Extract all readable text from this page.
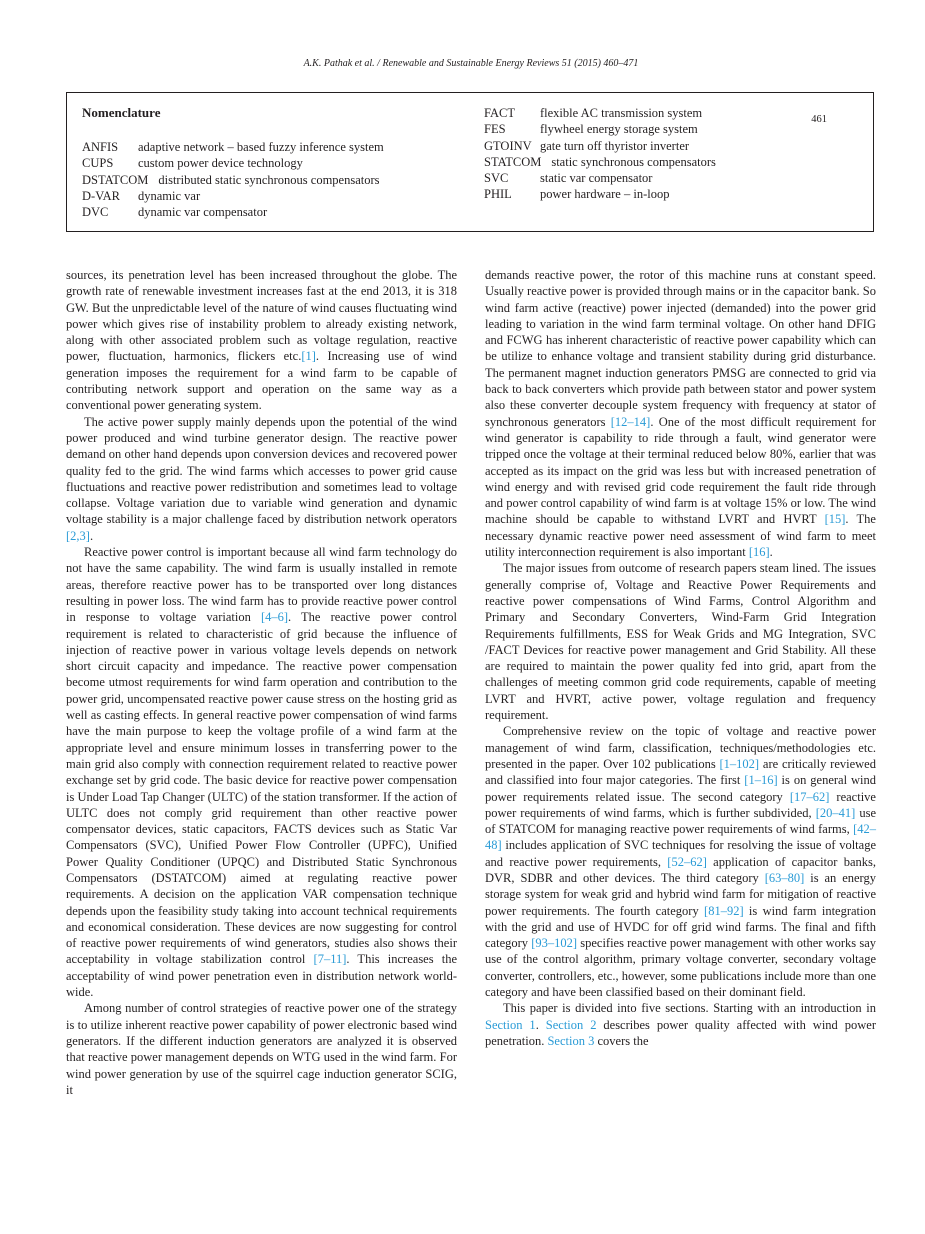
A.K. Pathak et al. / Renewable and Sustainable Energy Reviews 51 (2015) 460–471
461
Nomenclature
ANFIS	adaptive network – based fuzzy inference system
CUPS	custom power device technology
DSTATCOM distributed static synchronous compensators
D-VAR	dynamic var
DVC	dynamic var compensator
FACT	flexible AC transmission system
FES	flywheel energy storage system
GTOINV gate turn off thyristor inverter
STATCOM static synchronous compensators
SVC	static var compensator
PHIL	power hardware – in-loop

sources, its penetration level has been increased throughout the globe. The growth rate of renewable investment increases fast at the end 2013, it is 318 GW. But the unpredictable level of the nature of wind causes fluctuating wind power which gives rise of instability problem to already existing network, along with other associated problem such as voltage regulation, reactive power, fluctuation, harmonics, flickers etc.[1]. Increasing use of wind generation imposes the requirement for a wind farm to be capable of contributing network support and operation on the same way as a conventional power generating system.

The active power supply mainly depends upon the potential of the wind power produced and wind turbine generator design. The reactive power demand on other hand depends upon conversion devices and recovered power quality fed to the grid. The wind farms which accesses to power grid cause fluctuations and reactive power redistribution and sometimes lead to voltage collapse. Voltage variation due to variable wind generation and dynamic voltage stability is a major challenge faced by distribution network operators [2,3].

Reactive power control is important because all wind farm technology do not have the same capability. The wind farm is usually installed in remote areas, therefore reactive power has to be transported over long distances resulting in power loss. The wind farm has to provide reactive power control in response to voltage variation [4–6]. The reactive power control requirement is related to characteristic of grid because the influence of injection of reactive power in various voltage levels depends on network short circuit capacity and impedance. The reactive power compensation become utmost requirements for wind farm operation and contribution to the power grid, uncompensated reactive power cause stress on the hosting grid as well as casting effects. In general reactive power compensation of wind farms have the main purpose to keep the voltage profile of a wind farm at the appropriate level and ensure minimum losses in transferring power to the main grid also comply with connection requirement related to reactive power exchange set by grid code. The basic device for reactive power compensation is Under Load Tap Changer (ULTC) of the station transformer. If the action of ULTC does not comply grid requirement than other reactive power compensator devices, static capacitors, FACTS devices such as Static Var Compensators (SVC), Unified Power Flow Controller (UPFC), Unified Power Quality Conditioner (UPQC) and Distributed Static Synchronous Compensators (DSTATCOM) aimed at regulating reactive power requirements. A decision on the application VAR compensation technique depends upon the feasibility study taking into account technical requirements and economical consideration. These devices are now suggesting for control of reactive power requirements of wind generators, studies also shows their acceptability in voltage stabilization control [7–11]. This increases the acceptability of wind power penetration even in distribution network world-wide.

Among number of control strategies of reactive power one of the strategy is to utilize inherent reactive power capability of power electronic based wind generators. If the different induction generators are analyzed it is observed that reactive power management depends on WTG used in the wind farm. For wind power generation by use of the squirrel cage induction generator SCIG, it

demands reactive power, the rotor of this machine runs at constant speed. Usually reactive power is provided through mains or in the capacitor bank. So wind farm active (reactive) power injected (demanded) into the power grid leading to variation in the wind farm terminal voltage. On other hand DFIG and FCWG has inherent characteristic of reactive power capability which can be utilize to enhance voltage and transient stability during grid disturbance. The permanent magnet induction generators PMSG are connected to grid via back to back converters which provide path between stator and power system also these converter decouple system frequency with frequency at stator of synchronous generators [12–14]. One of the most difficult requirement for wind generator is capability to ride through a fault, wind generator were tripped once the voltage at their terminal reduced below 80%, earlier that was accepted as its impact on the grid was less but with increased penetration of wind energy and with revised grid code requirement the fault ride through and power control capability of wind farm is at voltage 15% or low. The wind machine should be capable to withstand LVRT and HVRT [15]. The necessary dynamic reactive power need assessment of wind farm to meet utility interconnection requirement is also important [16].

The major issues from outcome of research papers steam lined. The issues generally comprise of, Voltage and Reactive Power Requirements and reactive power compensations of Wind Farms, Control Algorithm and Primary and Secondary Converters, Wind-Farm Grid Integration Requirements fulfillments, ESS for Weak Grids and MG Integration, SVC /FACT Devices for reactive power management and Grid Stability. All these are required to maintain the power quality fed into grid, apart from the challenges of meeting common grid code requirements, capable of meeting LVRT and HVRT, active power, voltage regulation and frequency requirement.

Comprehensive review on the topic of voltage and reactive power management of wind farm, classification, techniques/methodologies etc. presented in the paper. Over 102 publications [1–102] are critically reviewed and classified into four major categories. The first [1–16] is on general wind power requirements related issue. The second category [17–62] reactive power requirements of wind farms, which is further subdivided, [20–41] use of STATCOM for managing reactive power requirements of wind farms, [42–48] includes application of SVC techniques for resolving the issue of voltage and reactive power requirements, [52–62] application of capacitor banks, DVR, SDBR and other devices. The third category [63–80] is an energy storage system for weak grid and hybrid wind farm for mitigation of reactive power requirements. The fourth category [81–92] is wind farm integration with the grid and use of HVDC for off grid wind farms. The final and fifth category [93–102] specifies reactive power management with other works say use of the control algorithm, primary voltage converter, secondary voltage converter, controllers, etc., however, some publications include more than one category and have been classified based on their dominant field.

This paper is divided into five sections. Starting with an introduction in Section 1. Section 2 describes power quality affected with wind power penetration. Section 3 covers the
